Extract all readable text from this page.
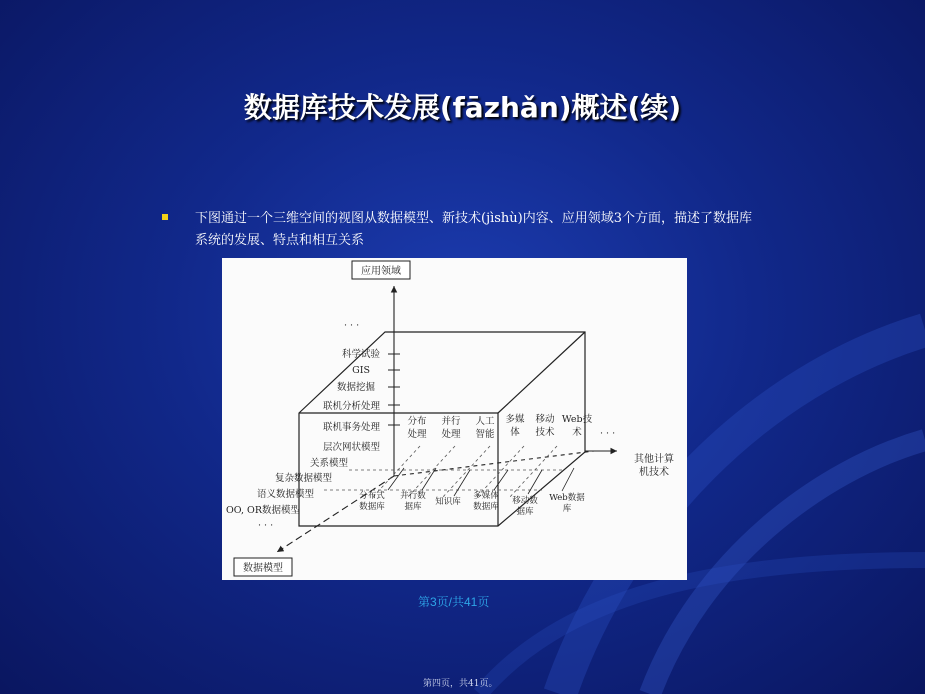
数据库技术发展(fāzhǎn)概述(续)
下图通过一个三维空间的视图从数据模型、新技术(jìshù)内容、应用领域3个方面，描述了数据库系统的发展、特点和相互关系
应用领域
数据模型
其他计算
机技术
· · ·
· · ·
· · ·
科学试验
GIS
数据挖掘
联机分析处理
联机事务处理
层次网状模型
关系模型
复杂数据模型
语义数据模型
OO, OR数据模型
分布
处理
并行
处理
人工
智能
多媒
体
移动
技术
Web技
术
分布式
数据库
并行数
据库 知识库
多媒体
数据库
移动数
据库
Web数据
库
第3页/共41页
第四页，共41页。
